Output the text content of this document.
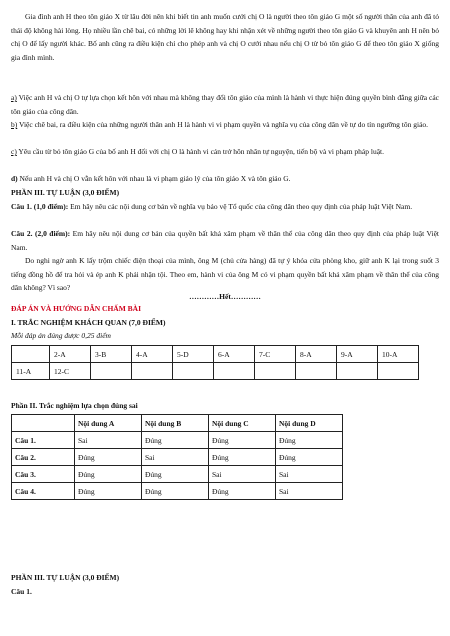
Gia đình anh H theo tôn giáo X từ lâu đời nên khi biết tin anh muốn cưới chị O là người theo tôn giáo G một số người thân của anh đã tỏ thái độ không hài lòng. Họ nhiều lần chê bai, có những lời lẽ không hay khi nhận xét về những người theo tôn giáo G và khuyên anh H nên bỏ chị O để lấy người khác. Bố anh cũng ra điều kiện chỉ cho phép anh và chị O cưới nhau nếu chị O từ bỏ tôn giáo G để theo tôn giáo X giống gia đình mình.

a) Việc anh H và chị O tự lựa chọn kết hôn với nhau mà không thay đổi tôn giáo của mình là hành vi thực hiện đúng quyền bình đẳng giữa các tôn giáo của công dân.

b) Việc chê bai, ra điều kiện của những người thân anh H là hành vi vi phạm quyền và nghĩa vụ của công dân về tự do tín ngưỡng tôn giáo.

c) Yêu cầu từ bỏ tôn giáo G của bố anh H đối với chị O là hành vi cản trở hôn nhân tự nguyện, tiến bộ và vi phạm pháp luật.

d) Nếu anh H và chị O vẫn kết hôn với nhau là vi phạm giáo lý của tôn giáo X và tôn giáo G.

PHẦN III. TỰ LUẬN (3,0 ĐIỂM)

Câu 1. (1,0 điểm): Em hãy nêu các nội dung cơ bản về nghĩa vụ bảo vệ Tổ quốc của công dân theo quy định của pháp luật Việt Nam.

Câu 2. (2,0 điểm): Em hãy nêu nội dung cơ bản của quyền bất khả xâm phạm về thân thể của công dân theo quy định của pháp luật Việt Nam.

Do nghi ngờ anh K lấy trộm chiếc điện thoại của mình, ông M (chủ cửa hàng) đã tự ý khóa cửa phòng kho, giữ anh K lại trong suốt 3 tiếng đồng hồ để tra hỏi và ép anh K phải nhận tội. Theo em, hành vi của ông M có vi phạm quyền bất khả xâm phạm về thân thể của công dân không? Vì sao?

…………Hết…………

ĐÁP ÁN VÀ HƯỚNG DẪN CHẤM BÀI

I. TRẮC NGHIỆM KHÁCH QUAN (7,0 ĐIỂM)

Mỗi đáp án đúng được 0,25 điểm

	2-A	3-B	4-A	5-D	6-A	7-C	8-A	9-A	10-A
11-A	12-C								

Phần II. Trắc nghiệm lựa chọn đúng sai

	Nội dung A	Nội dung B	Nội dung C	Nội dung D
Câu 1.	Sai	Đúng	Đúng	Đúng
Câu 2.	Đúng	Sai	Đúng	Đúng
Câu 3.	Đúng	Đúng	Sai	Sai
Câu 4.	Đúng	Đúng	Đúng	Sai

PHẦN III. TỰ LUẬN (3,0 ĐIỂM)

Câu 1.
